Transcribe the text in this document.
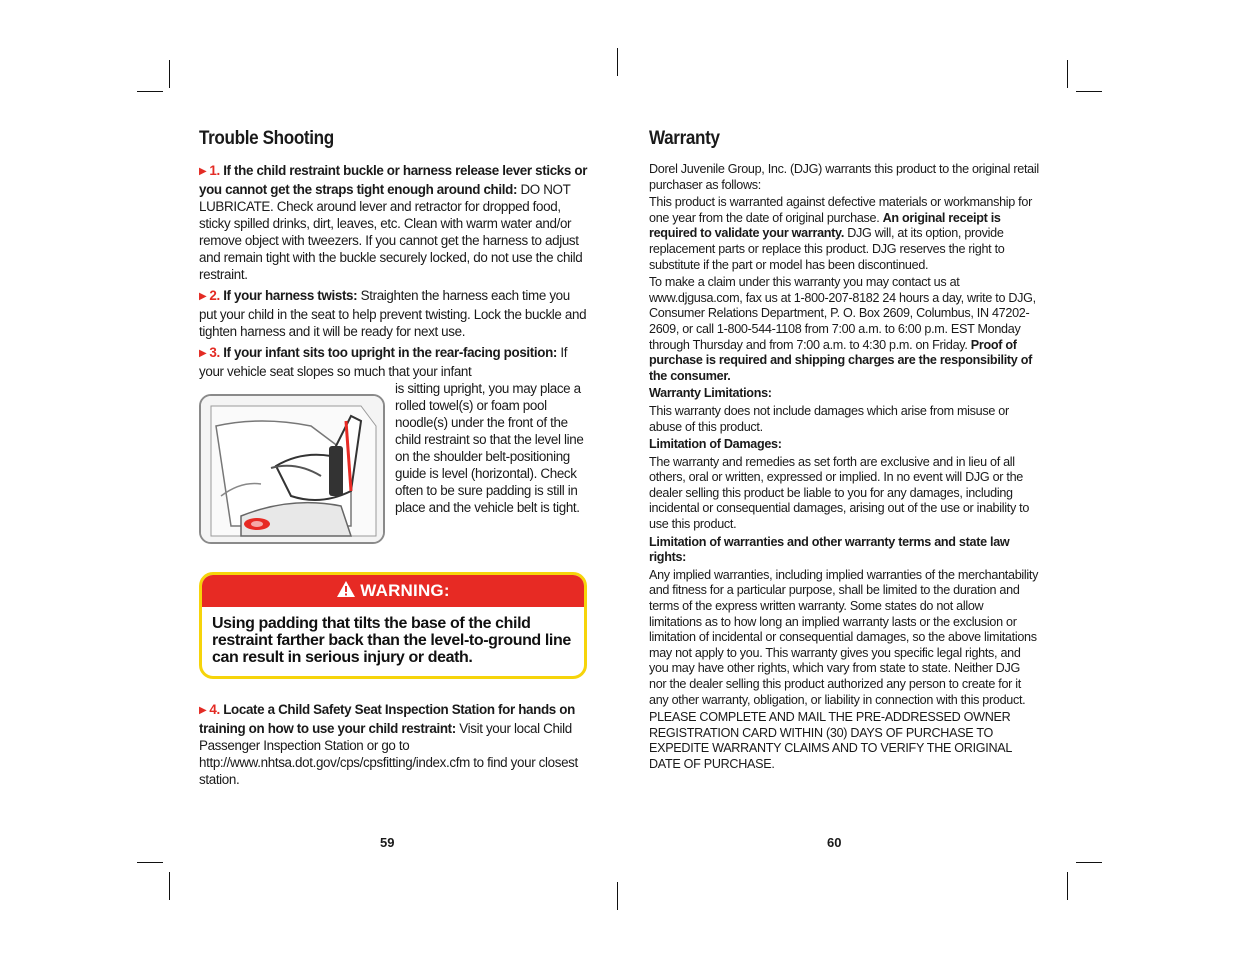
Trouble Shooting

▶ 1. If the child restraint buckle or harness release lever sticks or you cannot get the straps tight enough around child: DO NOT LUBRICATE. Check around lever and retractor for dropped food, sticky spilled drinks, dirt, leaves, etc. Clean with warm water and/or remove object with tweezers. If you cannot get the harness to adjust and remain tight with the buckle securely locked, do not use the child restraint.

▶ 2. If your harness twists: Straighten the harness each time you put your child in the seat to help prevent twisting. Lock the buckle and tighten harness and it will be ready for next use.

▶ 3. If your infant sits too upright in the rear-facing position: If your vehicle seat slopes so much that your infant

is sitting upright, you may place a rolled towel(s) or foam pool noodle(s) under the front of the child restraint so that the level line on the shoulder belt-positioning guide is level (horizontal). Check often to be sure padding is still in place and the vehicle belt is tight.

WARNING:
Using padding that tilts the base of the child restraint farther back than the level-to-ground line can result in serious injury or death.

▶ 4. Locate a Child Safety Seat Inspection Station for hands on training on how to use your child restraint: Visit your local Child Passenger Inspection Station or go to http://www.nhtsa.dot.gov/cps/cpsfitting/index.cfm to find your closest station.

59
Warranty

Dorel Juvenile Group, Inc. (DJG) warrants this product to the original retail purchaser as follows:

This product is warranted against defective materials or workmanship for one year from the date of original purchase. An original receipt is required to validate your warranty. DJG will, at its option, provide replacement parts or replace this product. DJG reserves the right to substitute if the part or model has been discontinued.

To make a claim under this warranty you may contact us at www.djgusa.com, fax us at 1-800-207-8182 24 hours a day, write to DJG, Consumer Relations Department, P. O. Box 2609, Columbus, IN 47202-2609, or call 1-800-544-1108 from 7:00 a.m. to 6:00 p.m. EST Monday through Thursday and from 7:00 a.m. to 4:30 p.m. on Friday. Proof of purchase is required and shipping charges are the responsibility of the consumer.

Warranty Limitations:

This warranty does not include damages which arise from misuse or abuse of this product.

Limitation of Damages:

The warranty and remedies as set forth are exclusive and in lieu of all others, oral or written, expressed or implied. In no event will DJG or the dealer selling this product be liable to you for any damages, including incidental or consequential damages, arising out of the use or inability to use this product.

Limitation of warranties and other warranty terms and state law rights:

Any implied warranties, including implied warranties of the merchantability and fitness for a particular purpose, shall be limited to the duration and terms of the express written warranty. Some states do not allow limitations as to how long an implied warranty lasts or the exclusion or limitation of incidental or consequential damages, so the above limitations may not apply to you. This warranty gives you specific legal rights, and you may have other rights, which vary from state to state. Neither DJG nor the dealer selling this product authorized any person to create for it any other warranty, obligation, or liability in connection with this product.

PLEASE COMPLETE AND MAIL THE PRE-ADDRESSED OWNER REGISTRATION CARD WITHIN (30) DAYS OF PURCHASE TO EXPEDITE WARRANTY CLAIMS AND TO VERIFY THE ORIGINAL DATE OF PURCHASE.

60
